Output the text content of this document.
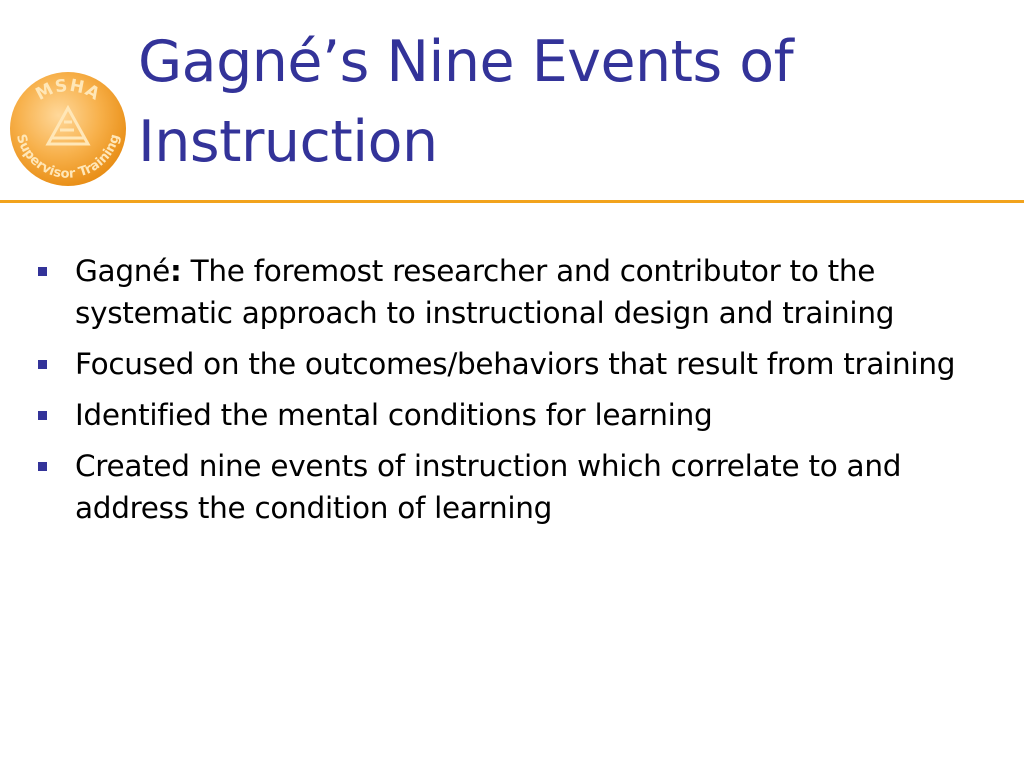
MSHA
Supervisor Training
Gagné’s Nine Events of
Instruction
Gagné: The foremost researcher and contributor to the systematic approach to instructional design and training
Focused on the outcomes/behaviors that result from training
Identified the mental conditions for learning
Created nine events of instruction which correlate to and address the condition of learning
